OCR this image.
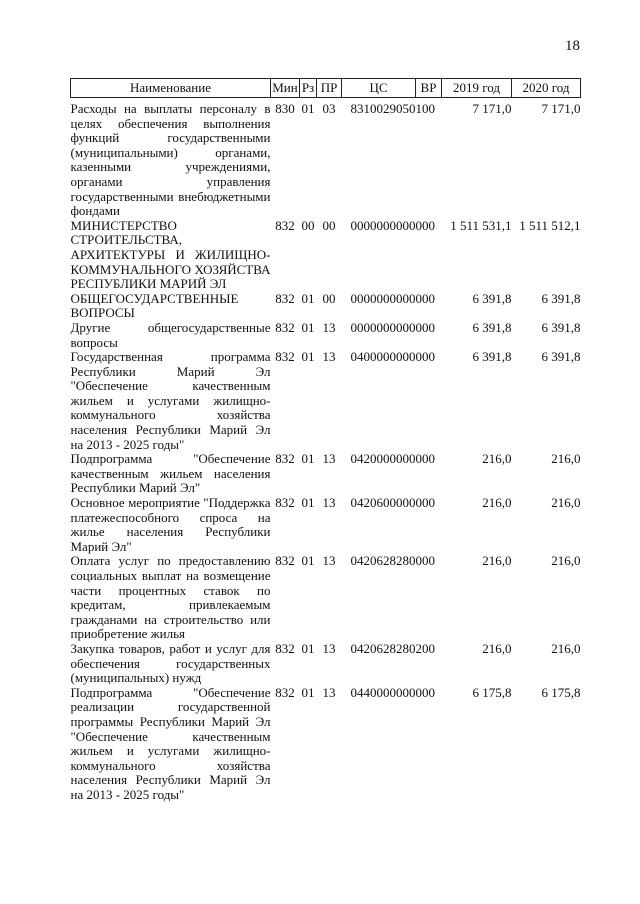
18
Наименование	Мин	Рз	ПР	ЦС	ВР	2019 год	2020 год
Расходы на выплаты персоналу в целях обеспечения выполнения функций государственными (муниципальными) органами, казенными учреждениями, органами управления государственными внебюджетными фондами	830	01	03	8310029050	100	7 171,0	7 171,0
МИНИСТЕРСТВО СТРОИТЕЛЬСТВА, АРХИТЕКТУРЫ И ЖИЛИЩНО-КОММУНАЛЬНОГО ХОЗЯЙСТВА РЕСПУБЛИКИ МАРИЙ ЭЛ	832	00	00	0000000000	000	1 511 531,1	1 511 512,1
ОБЩЕГОСУДАРСТВЕННЫЕ ВОПРОСЫ	832	01	00	0000000000	000	6 391,8	6 391,8
Другие общегосударственные вопросы	832	01	13	0000000000	000	6 391,8	6 391,8
Государственная программа Республики Марий Эл "Обеспечение качественным жильем и услугами жилищно-коммунального хозяйства населения Республики Марий Эл на 2013 - 2025 годы"	832	01	13	0400000000	000	6 391,8	6 391,8
Подпрограмма "Обеспечение качественным жильем населения Республики Марий Эл"	832	01	13	0420000000	000	216,0	216,0
Основное мероприятие "Поддержка платежеспособного спроса на жилье населения Республики Марий Эл"	832	01	13	0420600000	000	216,0	216,0
Оплата услуг по предоставлению социальных выплат на возмещение части процентных ставок по кредитам, привлекаемым гражданами на строительство или приобретение жилья	832	01	13	0420628280	000	216,0	216,0
Закупка товаров, работ и услуг для обеспечения государственных (муниципальных) нужд	832	01	13	0420628280	200	216,0	216,0
Подпрограмма "Обеспечение реализации государственной программы Республики Марий Эл "Обеспечение качественным жильем и услугами жилищно-коммунального хозяйства населения Республики Марий Эл на 2013 - 2025 годы"	832	01	13	0440000000	000	6 175,8	6 175,8
